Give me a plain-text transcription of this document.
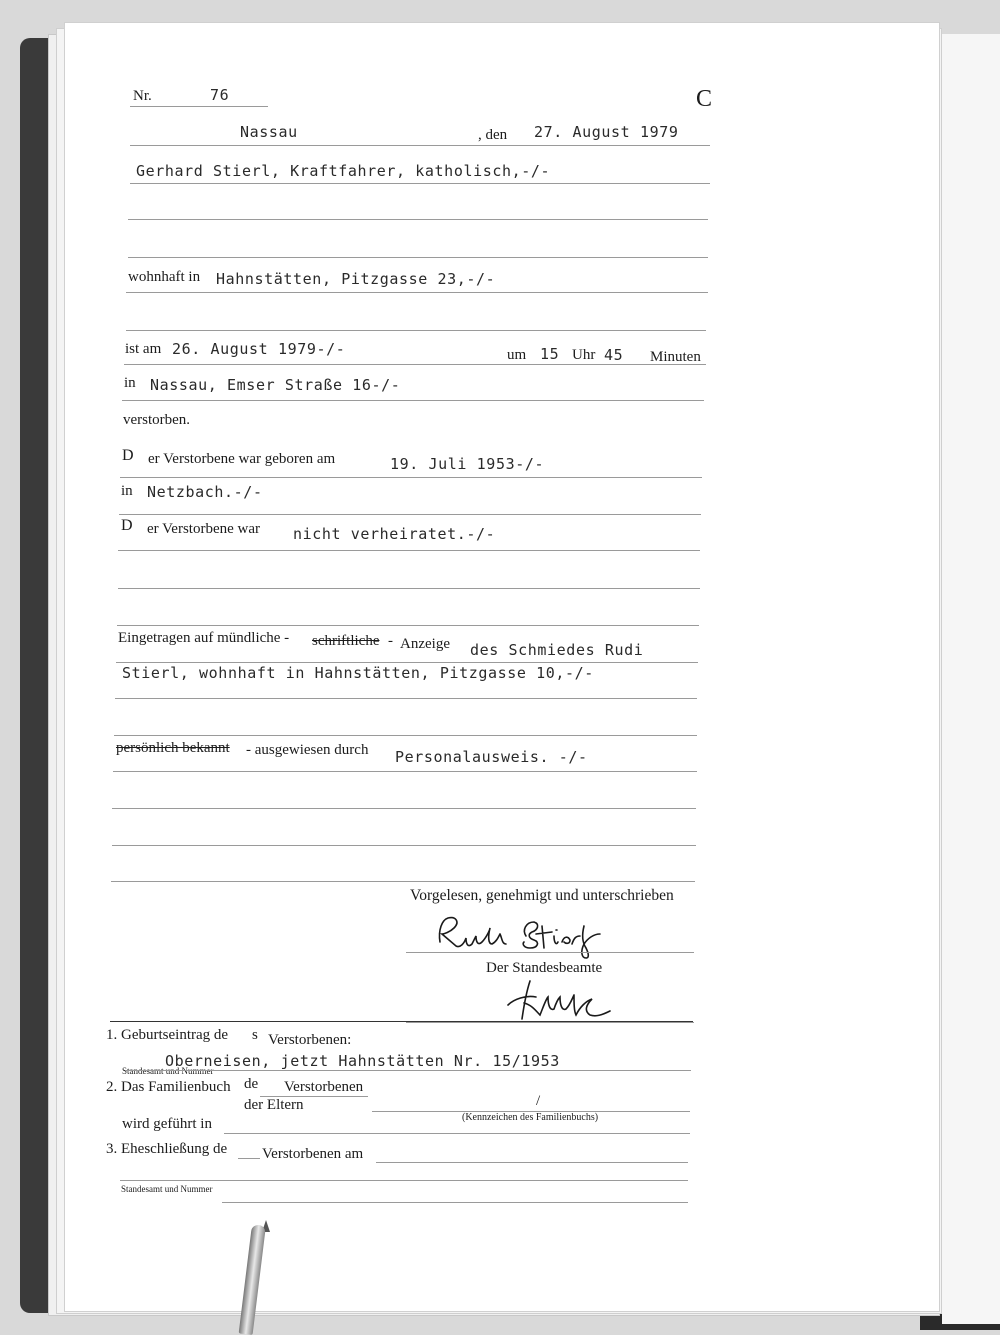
Nr.	76	C
Nassau	, den 27. August 1979
Gerhard Stierl, Kraftfahrer, katholisch,-/-
wohnhaft in Hahnstätten, Pitzgasse 23,-/-
ist am 26. August 1979-/-	um 15 Uhr 45 Minuten
in Nassau, Emser Straße 16-/-
verstorben.
D er Verstorbene war geboren am	19. Juli 1953-/-
in Netzbach.-/-
D er Verstorbene war nicht verheiratet.-/-
Eingetragen auf mündliche - schriftliche - Anzeige des Schmiedes Rudi
Stierl, wohnhaft in Hahnstätten, Pitzgasse 10,-/-
persönlich bekannt - ausgewiesen durch Personalausweis. -/-
Vorgelesen, genehmigt und unterschrieben
Der Standesbeamte
1. Geburtseintrag de s Verstorbenen:
Oberneisen, jetzt Hahnstätten Nr. 15/1953
Standesamt und Nummer
2. Das Familienbuch de Verstorbenen
der Eltern	/
(Kennzeichen des Familienbuchs)
wird geführt in
3. Eheschließung de Verstorbenen am
Standesamt und Nummer
